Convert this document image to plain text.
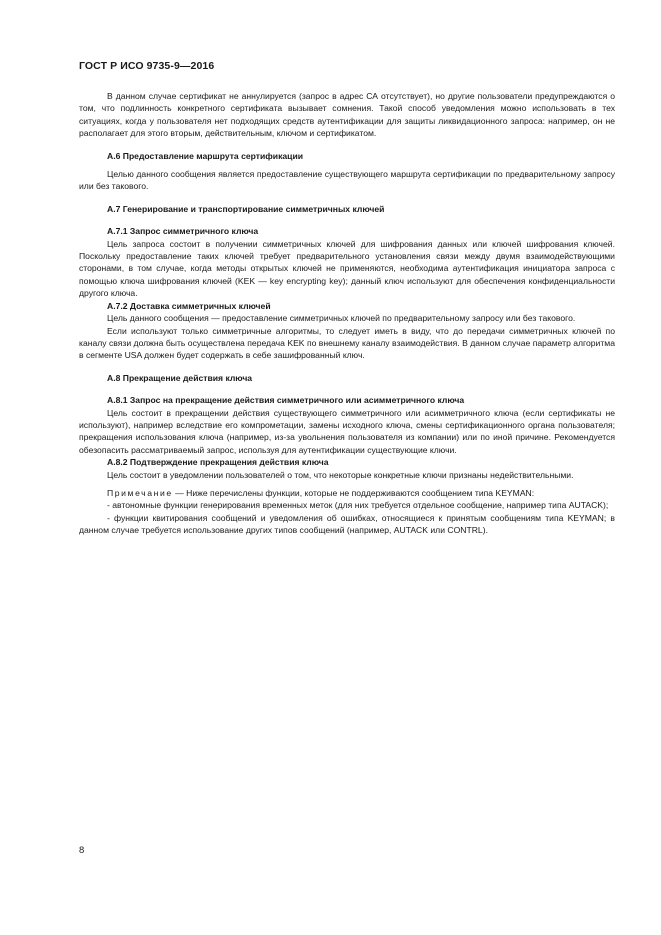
ГОСТ Р ИСО 9735-9—2016

В данном случае сертификат не аннулируется (запрос в адрес СА отсутствует), но другие пользователи предупреждаются о том, что подлинность конкретного сертификата вызывает сомнения. Такой способ уведомления можно использовать в тех ситуациях, когда у пользователя нет подходящих средств аутентификации для защиты ликвидационного запроса: например, он не располагает для этого вторым, действительным, ключом и сертификатом.

А.6 Предоставление маршрута сертификации

Целью данного сообщения является предоставление существующего маршрута сертификации по предварительному запросу или без такового.

А.7 Генерирование и транспортирование симметричных ключей

А.7.1 Запрос симметричного ключа

Цель запроса состоит в получении симметричных ключей для шифрования данных или ключей шифрования ключей. Поскольку предоставление таких ключей требует предварительного установления связи между двумя взаимодействующими сторонами, в том случае, когда методы открытых ключей не применяются, необходима аутентификация инициатора запроса с помощью ключа шифрования ключей (KEK — key encrypting key); данный ключ используют для обеспечения конфиденциальности другого ключа.

А.7.2 Доставка симметричных ключей

Цель данного сообщения — предоставление симметричных ключей по предварительному запросу или без такового.

Если используют только симметричные алгоритмы, то следует иметь в виду, что до передачи симметричных ключей по каналу связи должна быть осуществлена передача KEK по внешнему каналу взаимодействия. В данном случае параметр алгоритма в сегменте USA должен будет содержать в себе зашифрованный ключ.

А.8 Прекращение действия ключа

А.8.1 Запрос на прекращение действия симметричного или асимметричного ключа

Цель состоит в прекращении действия существующего симметричного или асимметричного ключа (если сертификаты не используют), например вследствие его компрометации, замены исходного ключа, смены сертификационного органа пользователя; прекращения использования ключа (например, из-за увольнения пользователя из компании) или по иной причине. Рекомендуется обезопасить рассматриваемый запрос, используя для аутентификации существующие ключи.

А.8.2 Подтверждение прекращения действия ключа

Цель состоит в уведомлении пользователей о том, что некоторые конкретные ключи признаны недействительными.

Примечание — Ниже перечислены функции, которые не поддерживаются сообщением типа KEYMAN:

- автономные функции генерирования временных меток (для них требуется отдельное сообщение, например типа AUTACK);

- функции квитирования сообщений и уведомления об ошибках, относящиеся к принятым сообщениям типа KEYMAN; в данном случае требуется использование других типов сообщений (например, AUTACK или CONTRL).

8
